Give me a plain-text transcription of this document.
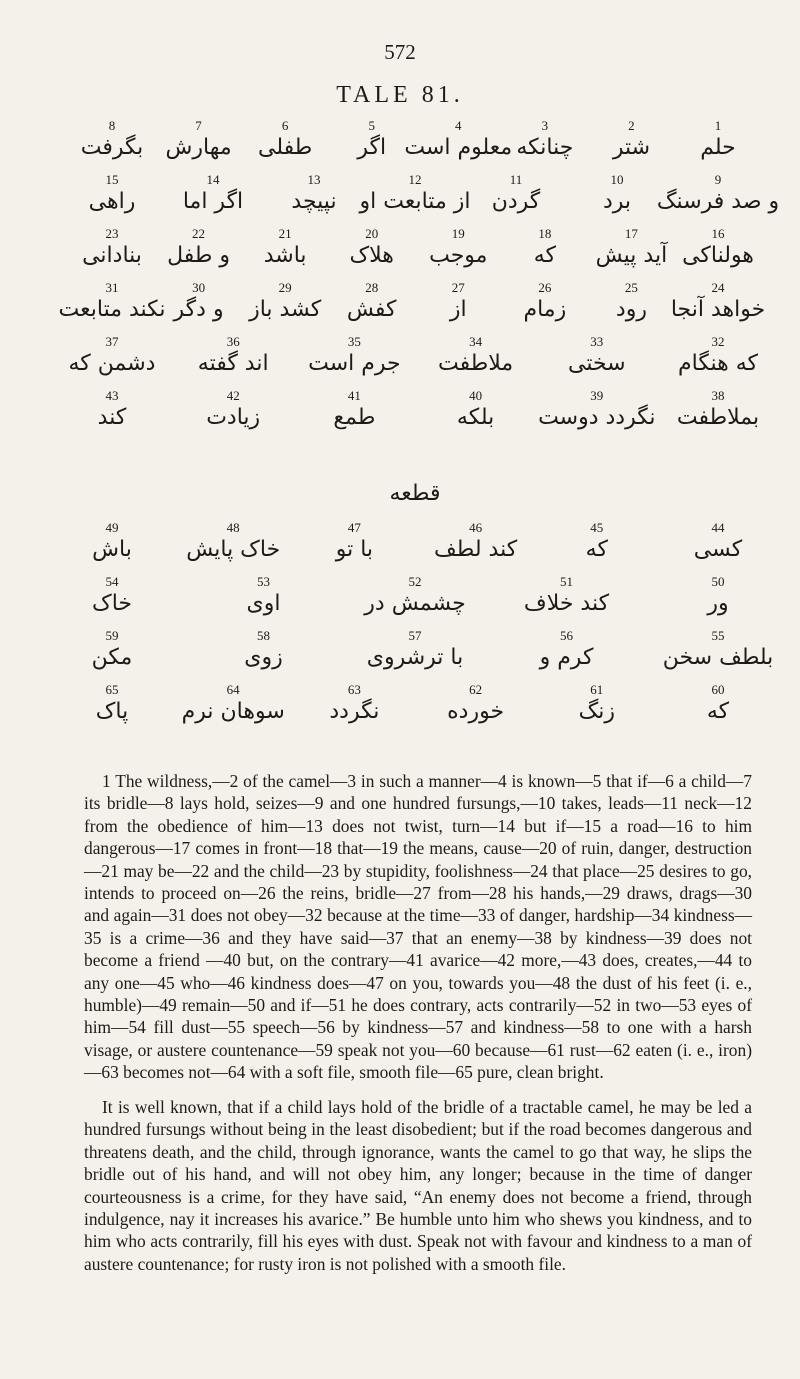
572
TALE 81.
8
بگرفت
7
مهارش
6
طفلی
5
اگر
4
معلوم است
3
چنانکه
2
شتر
1
حلم
15
راهی
14
اگر اما
13
نپیچد
12
از متابعت او
11
گردن
10
برد
9
و صد فرسنگ
23
بنادانی
22
و طفل
21
باشد
20
هلاک
19
موجب
18
که
17
آید پیش
16
هولناکی
31
نکند متابعت
30
و دگر
29
کشد باز
28
کفش
27
از
26
زمام
25
رود
24
خواهد آنجا
37
دشمن که
36
اند گفته
35
جرم است
34
ملاطفت
33
سختی
32
که هنگام
43
کند
42
زیادت
41
طمع
40
بلکه
39
نگردد دوست
38
بملاطفت
قطعه
49
باش
48
خاک پایش
47
با تو
46
کند لطف
45
که
44
کسی
54
خاک
53
اوی
52
چشمش در
51
کند خلاف
50
ور
59
مکن
58
زوی
57
با ترشروی
56
کرم و
55
بلطف سخن
65
پاک
64
سوهان نرم
63
نگردد
62
خورده
61
زنگ
60
که

1 The wildness,—2 of the camel—3 in such a manner—4 is known—5 that if—6 a child—7 its bridle—8 lays hold, seizes—9 and one hundred fursungs,—10 takes, leads—11 neck—12 from the obedience of him—13 does not twist, turn—14 but if—15 a road—16 to him dangerous—17 comes in front—18 that—19 the means, cause—20 of ruin, danger, destruction—21 may be—22 and the child—23 by stupidity, foolishness—24 that place—25 desires to go, intends to proceed on—26 the reins, bridle—27 from—28 his hands,—29 draws, drags—30 and again—31 does not obey—32 because at the time—33 of danger, hardship—34 kindness—35 is a crime—36 and they have said—37 that an enemy—38 by kindness—39 does not become a friend —40 but, on the contrary—41 avarice—42 more,—43 does, creates,—44 to any one—45 who—46 kindness does—47 on you, towards you—48 the dust of his feet (i. e., humble)—49 remain—50 and if—51 he does contrary, acts contrarily—52 in two—53 eyes of him—54 fill dust—55 speech—56 by kindness—57 and kindness—58 to one with a harsh visage, or austere countenance—59 speak not you—60 because—61 rust—62 eaten (i. e., iron)—63 becomes not—64 with a soft file, smooth file—65 pure, clean bright.

It is well known, that if a child lays hold of the bridle of a tractable camel, he may be led a hundred fursungs without being in the least disobedient; but if the road becomes dangerous and threatens death, and the child, through ignorance, wants the camel to go that way, he slips the bridle out of his hand, and will not obey him, any longer; because in the time of danger courteousness is a crime, for they have said, “An enemy does not become a friend, through indulgence, nay it increases his avarice.” Be humble unto him who shews you kindness, and to him who acts contrarily, fill his eyes with dust. Speak not with favour and kindness to a man of austere countenance; for rusty iron is not polished with a smooth file.
